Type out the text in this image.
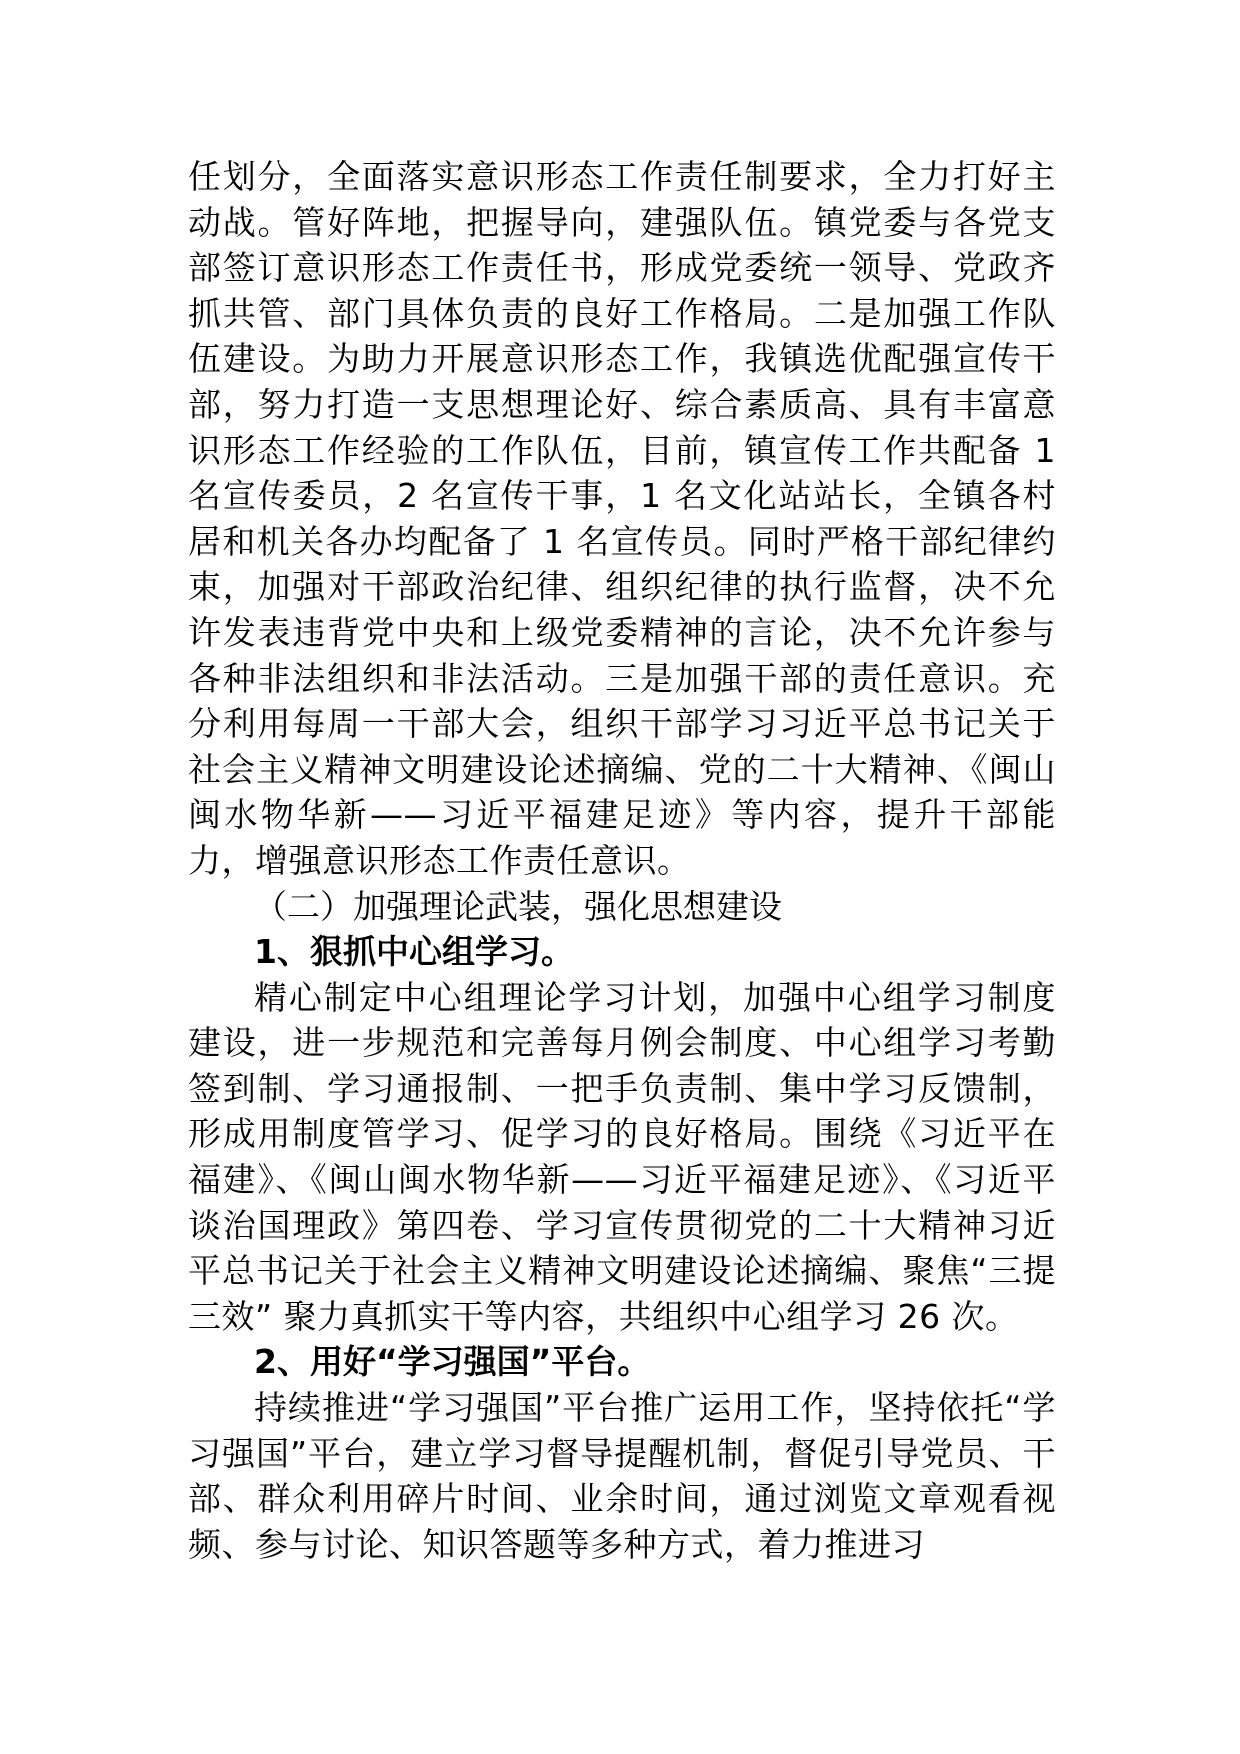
任划分，全面落实意识形态工作责任制要求，全力打好主动战。管好阵地，把握导向，建强队伍。镇党委与各党支部签订意识形态工作责任书，形成党委统一领导、党政齐抓共管、部门具体负责的良好工作格局。二是加强工作队伍建设。为助力开展意识形态工作，我镇选优配强宣传干部，努力打造一支思想理论好、综合素质高、具有丰富意识形态工作经验的工作队伍，目前，镇宣传工作共配备 1 名宣传委员，2 名宣传干事，1 名文化站站长，全镇各村居和机关各办均配备了 1 名宣传员。同时严格干部纪律约束，加强对干部政治纪律、组织纪律的执行监督，决不允许发表违背党中央和上级党委精神的言论，决不允许参与各种非法组织和非法活动。三是加强干部的责任意识。充分利用每周一干部大会，组织干部学习习近平总书记关于社会主义精神文明建设论述摘编、党的二十大精神、《闽山闽水物华新——习近平福建足迹》等内容，提升干部能力，增强意识形态工作责任意识。

（二）加强理论武装，强化思想建设

1、狠抓中心组学习。

精心制定中心组理论学习计划，加强中心组学习制度建设，进一步规范和完善每月例会制度、中心组学习考勤签到制、学习通报制、一把手负责制、集中学习反馈制，形成用制度管学习、促学习的良好格局。围绕《习近平在福建》、《闽山闽水物华新——习近平福建足迹》、《习近平谈治国理政》第四卷、学习宣传贯彻党的二十大精神习近平总书记关于社会主义精神文明建设论述摘编、聚焦“三提三效” 聚力真抓实干等内容，共组织中心组学习 26 次。

2、用好“学习强国”平台。

持续推进“学习强国”平台推广运用工作，坚持依托“学习强国”平台，建立学习督导提醒机制，督促引导党员、干部、群众利用碎片时间、业余时间，通过浏览文章观看视频、参与讨论、知识答题等多种方式，着力推进习
